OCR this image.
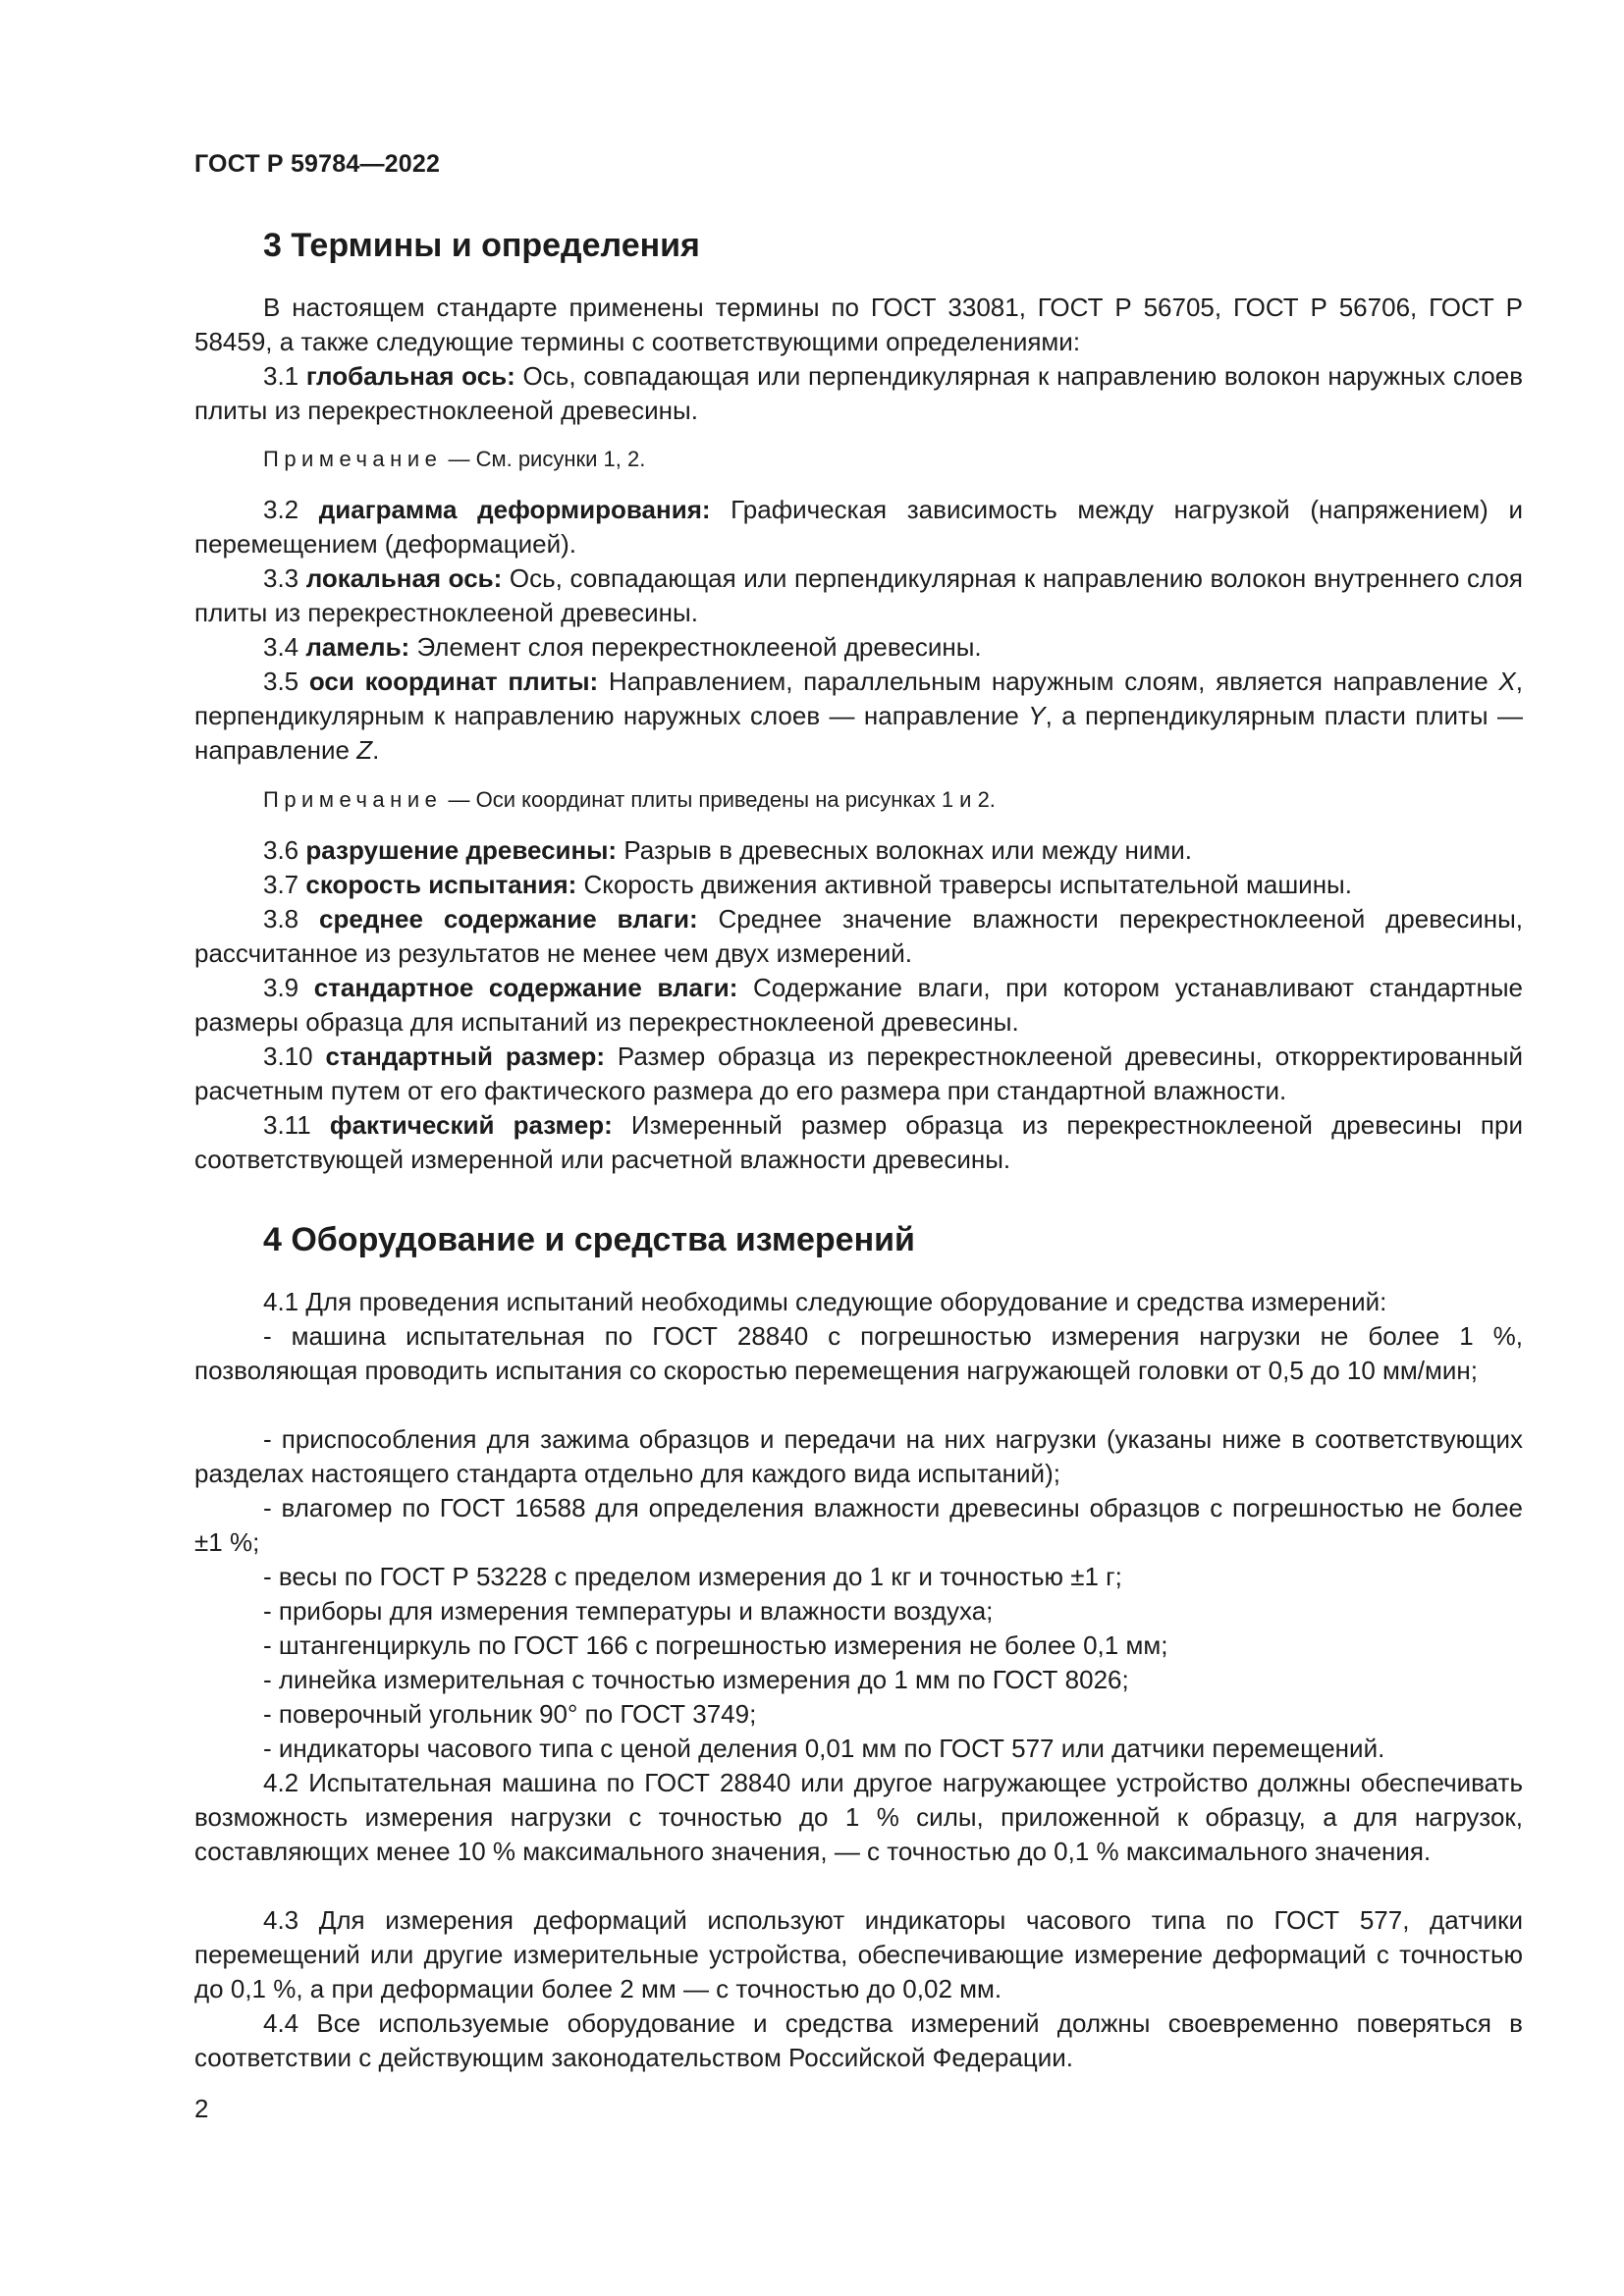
ГОСТ Р 59784—2022
3 Термины и определения

В настоящем стандарте применены термины по ГОСТ 33081, ГОСТ Р 56705, ГОСТ Р 56706, ГОСТ Р 58459, а также следующие термины с соответствующими определениями:

3.1 глобальная ось: Ось, совпадающая или перпендикулярная к направлению волокон наружных слоев плиты из перекрестноклееной древесины.

Примечание — См. рисунки 1, 2.

3.2 диаграмма деформирования: Графическая зависимость между нагрузкой (напряжением) и перемещением (деформацией).

3.3 локальная ось: Ось, совпадающая или перпендикулярная к направлению волокон внутреннего слоя плиты из перекрестноклееной древесины.

3.4 ламель: Элемент слоя перекрестноклееной древесины.

3.5 оси координат плиты: Направлением, параллельным наружным слоям, является направление X, перпендикулярным к направлению наружных слоев — направление Y, а перпендикулярным пласти плиты — направление Z.

Примечание — Оси координат плиты приведены на рисунках 1 и 2.

3.6 разрушение древесины: Разрыв в древесных волокнах или между ними.

3.7 скорость испытания: Скорость движения активной траверсы испытательной машины.

3.8 среднее содержание влаги: Среднее значение влажности перекрестноклееной древесины, рассчитанное из результатов не менее чем двух измерений.

3.9 стандартное содержание влаги: Содержание влаги, при котором устанавливают стандартные размеры образца для испытаний из перекрестноклееной древесины.

3.10 стандартный размер: Размер образца из перекрестноклееной древесины, откорректированный расчетным путем от его фактического размера до его размера при стандартной влажности.

3.11 фактический размер: Измеренный размер образца из перекрестноклееной древесины при соответствующей измеренной или расчетной влажности древесины.

4 Оборудование и средства измерений

4.1 Для проведения испытаний необходимы следующие оборудование и средства измерений:

- машина испытательная по ГОСТ 28840 с погрешностью измерения нагрузки не более 1 %, позволяющая проводить испытания со скоростью перемещения нагружающей головки от 0,5 до 10 мм/мин;

- приспособления для зажима образцов и передачи на них нагрузки (указаны ниже в соответствующих разделах настоящего стандарта отдельно для каждого вида испытаний);

- влагомер по ГОСТ 16588 для определения влажности древесины образцов с погрешностью не более ±1 %;

- весы по ГОСТ Р 53228 с пределом измерения до 1 кг и точностью ±1 г;

- приборы для измерения температуры и влажности воздуха;

- штангенциркуль по ГОСТ 166 с погрешностью измерения не более 0,1 мм;

- линейка измерительная с точностью измерения до 1 мм по ГОСТ 8026;

- поверочный угольник 90° по ГОСТ 3749;

- индикаторы часового типа с ценой деления 0,01 мм по ГОСТ 577 или датчики перемещений.

4.2 Испытательная машина по ГОСТ 28840 или другое нагружающее устройство должны обеспечивать возможность измерения нагрузки с точностью до 1 % силы, приложенной к образцу, а для нагрузок, составляющих менее 10 % максимального значения, — с точностью до 0,1 % максимального значения.

4.3 Для измерения деформаций используют индикаторы часового типа по ГОСТ 577, датчики перемещений или другие измерительные устройства, обеспечивающие измерение деформаций с точностью до 0,1 %, а при деформации более 2 мм — с точностью до 0,02 мм.

4.4 Все используемые оборудование и средства измерений должны своевременно поверяться в соответствии с действующим законодательством Российской Федерации.

2
